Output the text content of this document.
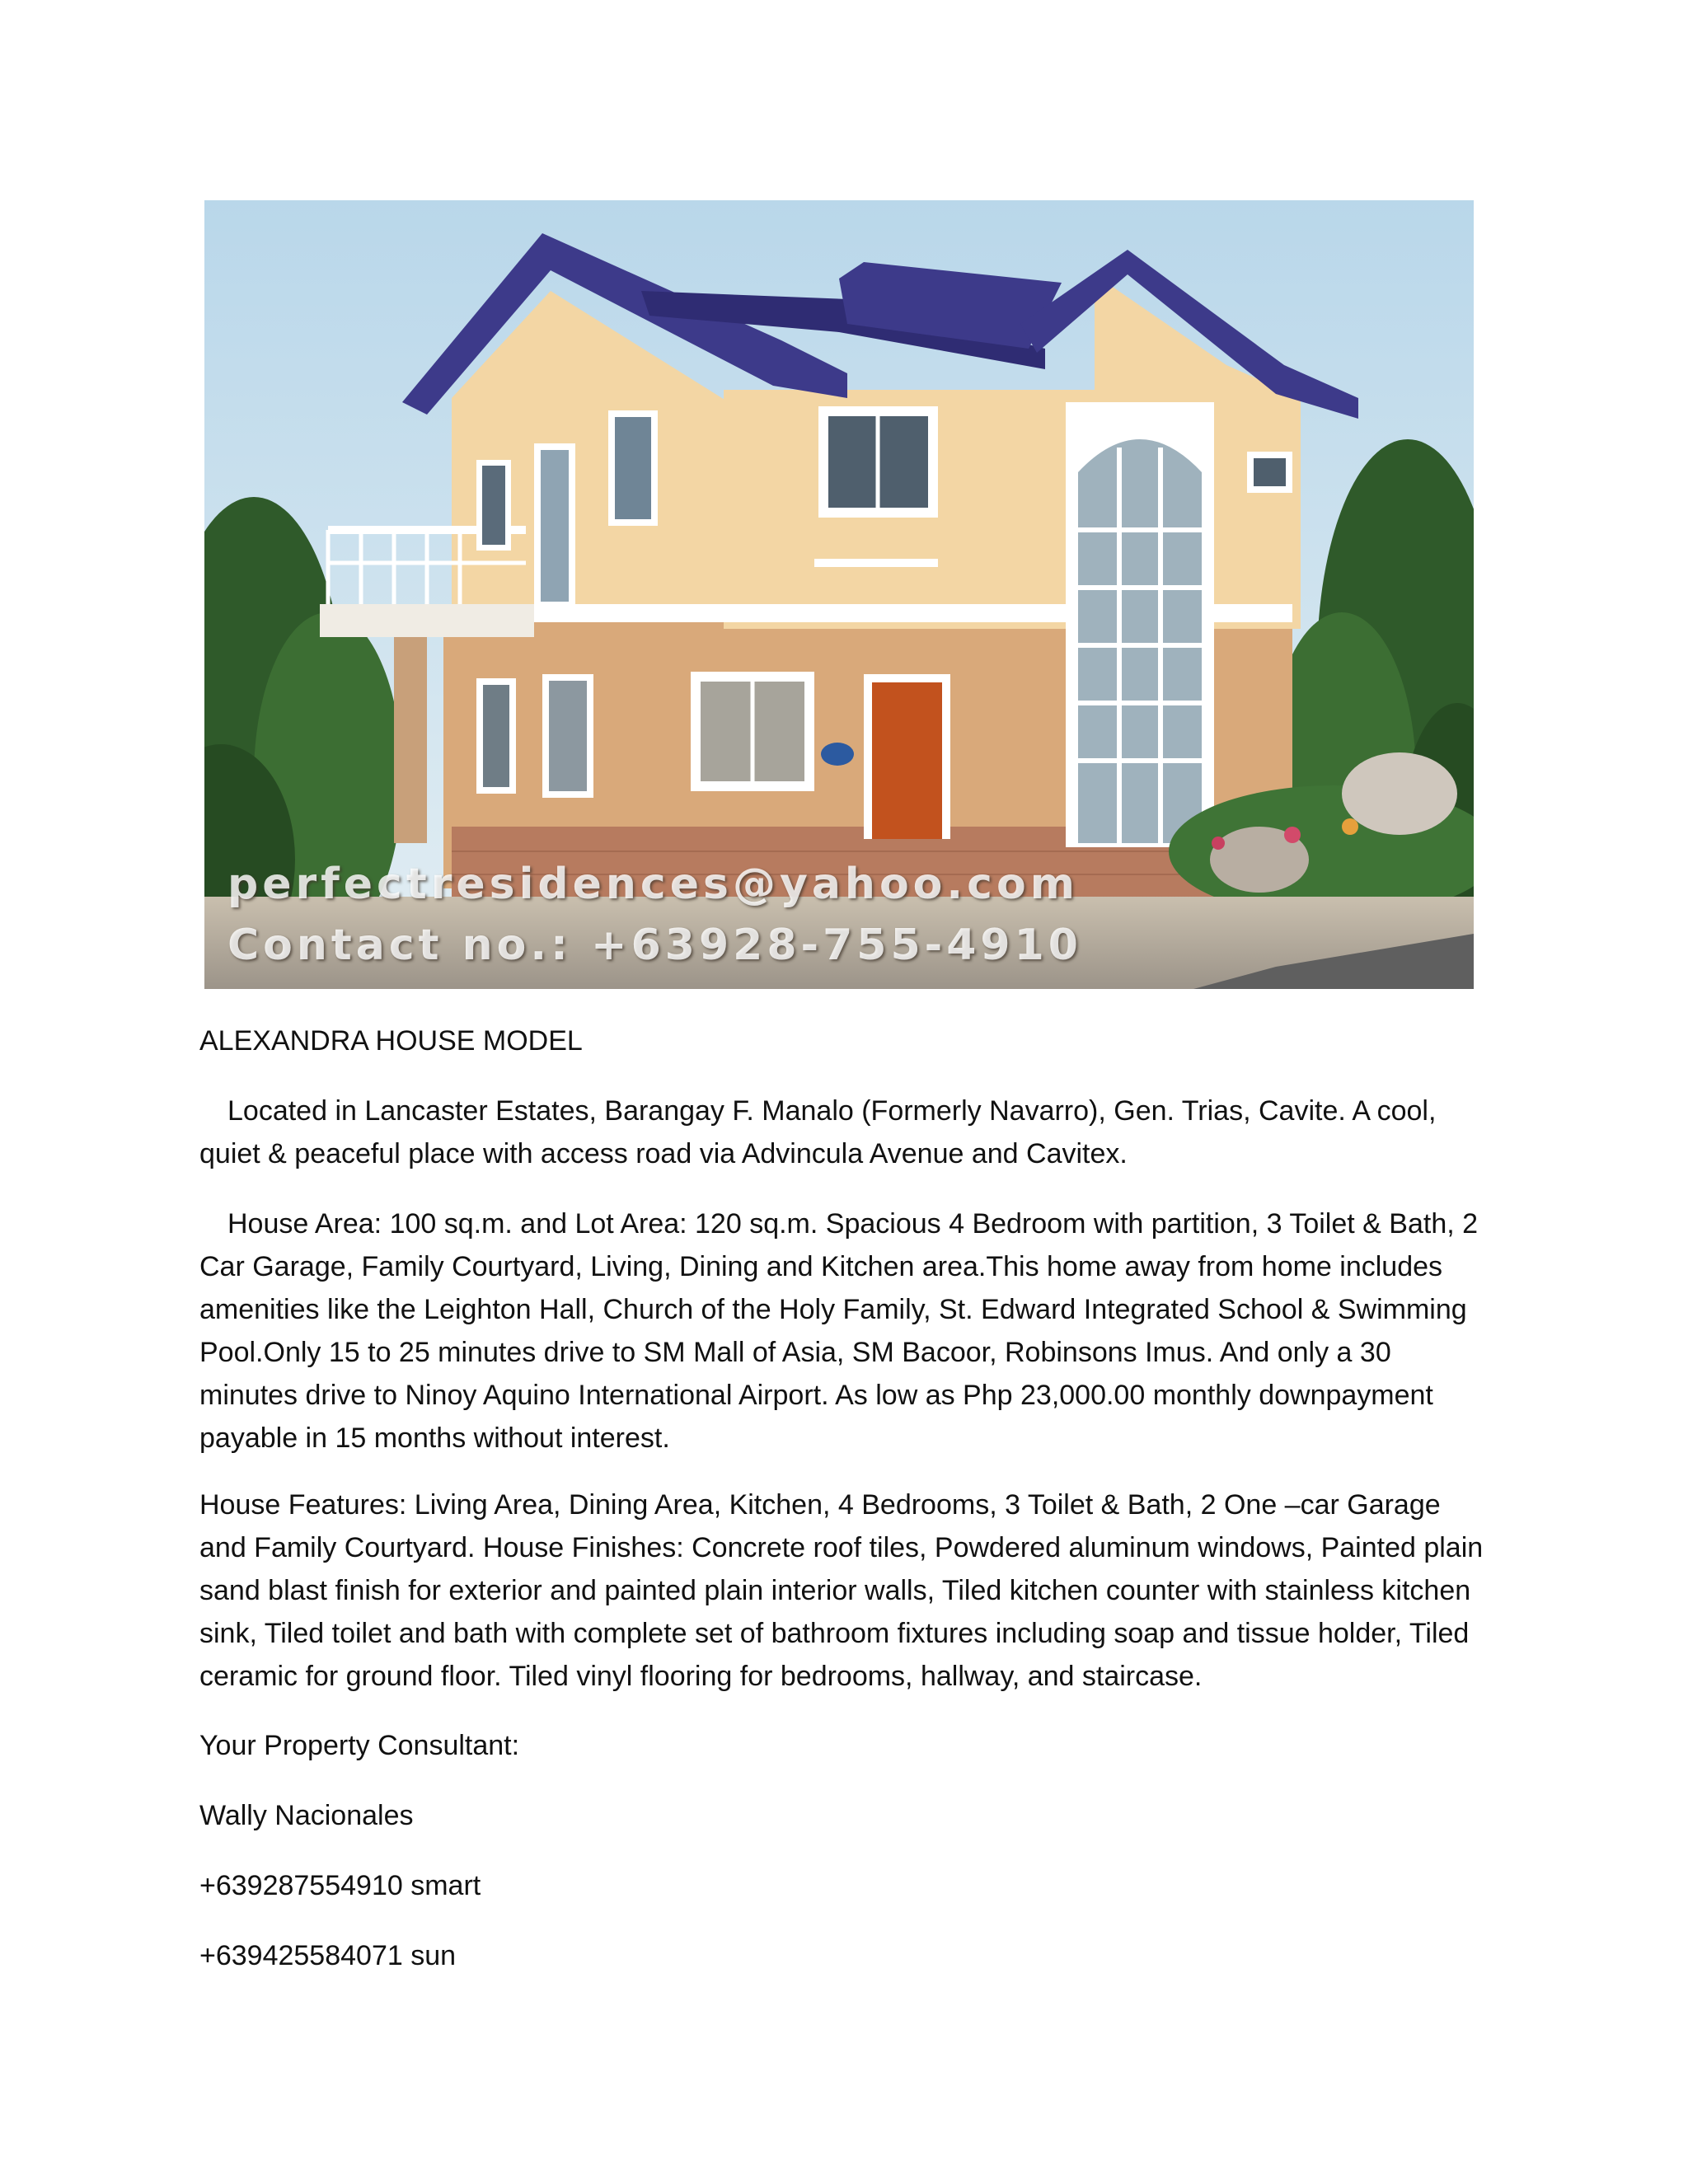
perfectresidences@yahoo.com
Contact no.: +63928-755-4910
ALEXANDRA HOUSE MODEL
Located in Lancaster Estates, Barangay F. Manalo (Formerly Navarro), Gen. Trias, Cavite. A cool, quiet & peaceful place with access road via Advincula Avenue and Cavitex.
House Area: 100 sq.m. and Lot Area: 120 sq.m. Spacious 4 Bedroom with partition, 3 Toilet & Bath, 2 Car Garage, Family Courtyard, Living, Dining and Kitchen area.This home away from home includes amenities like the Leighton Hall, Church of the Holy Family, St. Edward Integrated School & Swimming Pool.Only 15 to 25 minutes drive to SM Mall of Asia, SM Bacoor, Robinsons Imus. And only a 30 minutes drive to Ninoy Aquino International Airport. As low as Php 23,000.00 monthly downpayment payable in 15 months without interest.
House Features: Living Area, Dining Area, Kitchen, 4 Bedrooms, 3 Toilet & Bath, 2 One –car Garage and Family Courtyard. House Finishes: Concrete roof tiles, Powdered aluminum windows, Painted plain sand blast finish for exterior and painted plain interior walls, Tiled kitchen counter with stainless kitchen sink, Tiled toilet and bath with complete set of bathroom fixtures including soap and tissue holder, Tiled ceramic for ground floor. Tiled vinyl flooring for bedrooms, hallway, and staircase.
Your Property Consultant:
Wally Nacionales
+639287554910 smart
+639425584071 sun
